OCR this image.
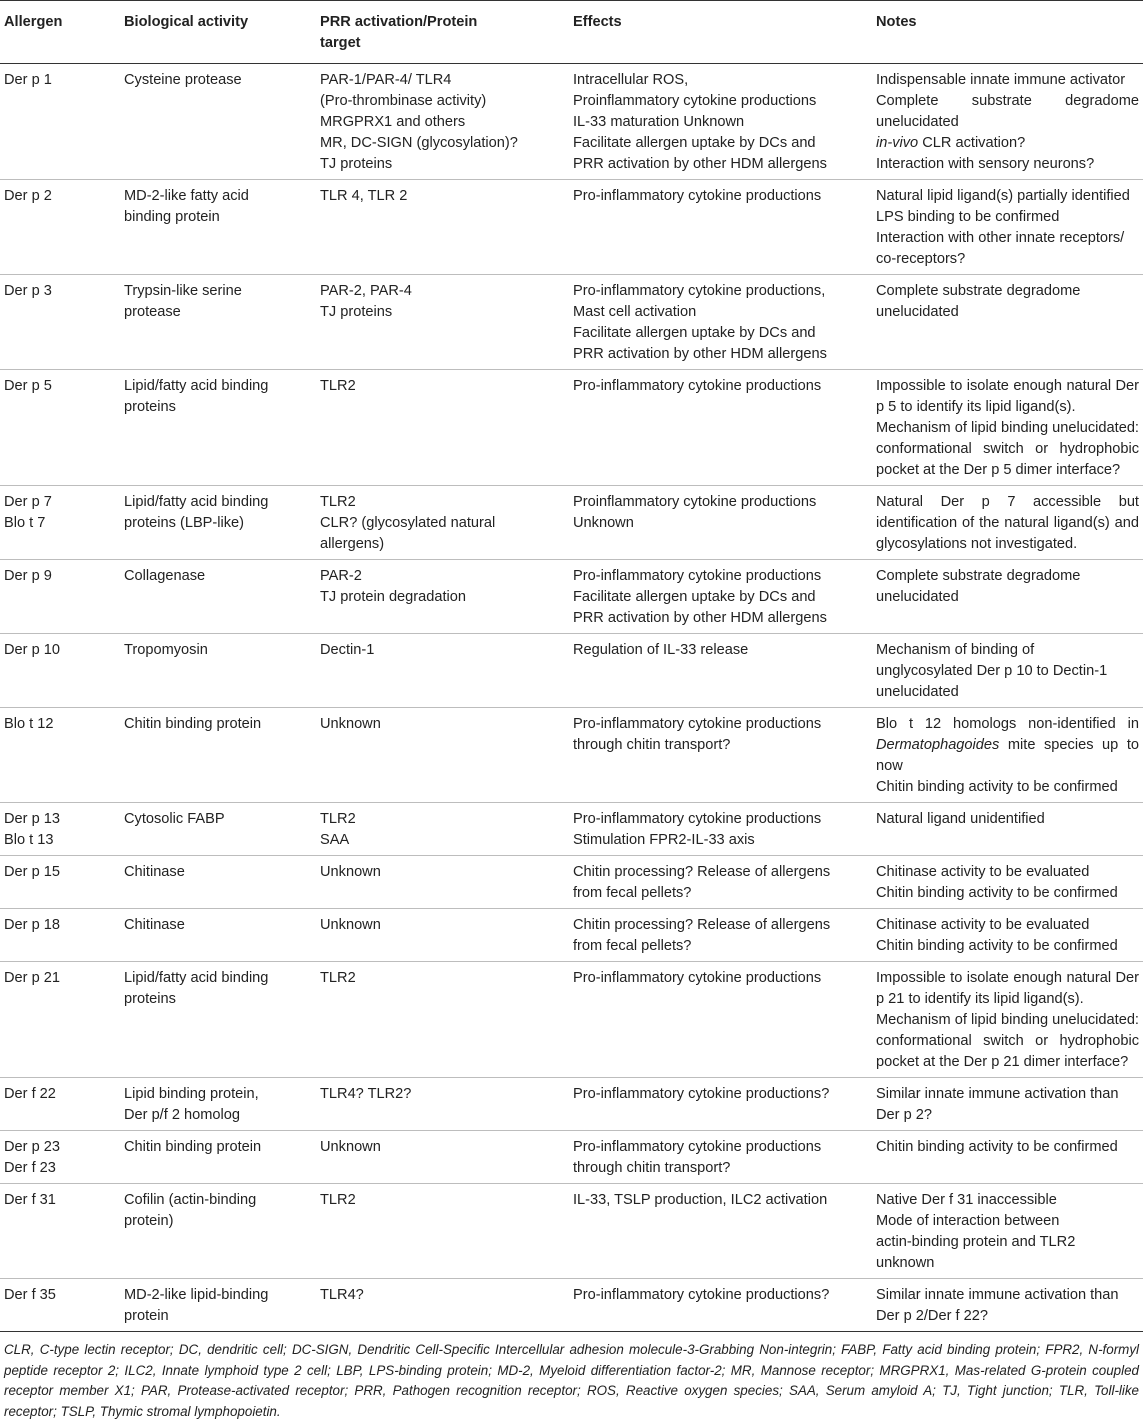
Allergen	Biological activity	PRR activation/Protein target	Effects	Notes

Der p 1	Cysteine protease	PAR-1/PAR-4/ TLR4
(Pro-thrombinase activity)
MRGPRX1 and others
MR, DC-SIGN (glycosylation)?
TJ proteins	Intracellular ROS,
Proinflammatory cytokine productions
IL-33 maturation Unknown
Facilitate allergen uptake by DCs and
PRR activation by other HDM allergens	Indispensable innate immune activator
Complete substrate degradome unelucidated
in-vivo CLR activation?
Interaction with sensory neurons?

Der p 2	MD-2-like fatty acid
binding protein	TLR 4, TLR 2	Pro-inflammatory cytokine productions	Natural lipid ligand(s) partially identified
LPS binding to be confirmed
Interaction with other innate receptors/
co-receptors?

Der p 3	Trypsin-like serine
protease	PAR-2, PAR-4
TJ proteins	Pro-inflammatory cytokine productions,
Mast cell activation
Facilitate allergen uptake by DCs and
PRR activation by other HDM allergens	Complete substrate degradome
unelucidated

Der p 5	Lipid/fatty acid binding
proteins	TLR2	Pro-inflammatory cytokine productions	Impossible to isolate enough natural Der p 5 to identify its lipid ligand(s).
Mechanism of lipid binding unelucidated: conformational switch or hydrophobic pocket at the Der p 5 dimer interface?

Der p 7
Blo t 7	Lipid/fatty acid binding
proteins (LBP-like)	TLR2
CLR? (glycosylated natural
allergens)	Proinflammatory cytokine productions
Unknown	Natural Der p 7 accessible but identification of the natural ligand(s) and glycosylations not investigated.

Der p 9	Collagenase	PAR-2
TJ protein degradation	Pro-inflammatory cytokine productions
Facilitate allergen uptake by DCs and
PRR activation by other HDM allergens	Complete substrate degradome
unelucidated

Der p 10	Tropomyosin	Dectin-1	Regulation of IL-33 release	Mechanism of binding of
unglycosylated Der p 10 to Dectin-1
unelucidated

Blo t 12	Chitin binding protein	Unknown	Pro-inflammatory cytokine productions
through chitin transport?	Blo t 12 homologs non-identified in Dermatophagoides mite species up to now
Chitin binding activity to be confirmed

Der p 13
Blo t 13	Cytosolic FABP	TLR2
SAA	Pro-inflammatory cytokine productions
Stimulation FPR2-IL-33 axis	Natural ligand unidentified

Der p 15	Chitinase	Unknown	Chitin processing? Release of allergens
from fecal pellets?	Chitinase activity to be evaluated
Chitin binding activity to be confirmed

Der p 18	Chitinase	Unknown	Chitin processing? Release of allergens
from fecal pellets?	Chitinase activity to be evaluated
Chitin binding activity to be confirmed

Der p 21	Lipid/fatty acid binding
proteins	TLR2	Pro-inflammatory cytokine productions	Impossible to isolate enough natural Der p 21 to identify its lipid ligand(s).
Mechanism of lipid binding unelucidated: conformational switch or hydrophobic pocket at the Der p 21 dimer interface?

Der f 22	Lipid binding protein,
Der p/f 2 homolog	TLR4? TLR2?	Pro-inflammatory cytokine productions?	Similar innate immune activation than
Der p 2?

Der p 23
Der f 23	Chitin binding protein	Unknown	Pro-inflammatory cytokine productions
through chitin transport?	Chitin binding activity to be confirmed

Der f 31	Cofilin (actin-binding
protein)	TLR2	IL-33, TSLP production, ILC2 activation	Native Der f 31 inaccessible
Mode of interaction between
actin-binding protein and TLR2
unknown

Der f 35	MD-2-like lipid-binding
protein	TLR4?	Pro-inflammatory cytokine productions?	Similar innate immune activation than
Der p 2/Der f 22?
CLR, C-type lectin receptor; DC, dendritic cell; DC-SIGN, Dendritic Cell-Specific Intercellular adhesion molecule-3-Grabbing Non-integrin; FABP, Fatty acid binding protein; FPR2, N-formyl peptide receptor 2; ILC2, Innate lymphoid type 2 cell; LBP, LPS-binding protein; MD-2, Myeloid differentiation factor-2; MR, Mannose receptor; MRGPRX1, Mas-related G-protein coupled receptor member X1; PAR, Protease-activated receptor; PRR, Pathogen recognition receptor; ROS, Reactive oxygen species; SAA, Serum amyloid A; TJ, Tight junction; TLR, Toll-like receptor; TSLP, Thymic stromal lymphopoietin.
